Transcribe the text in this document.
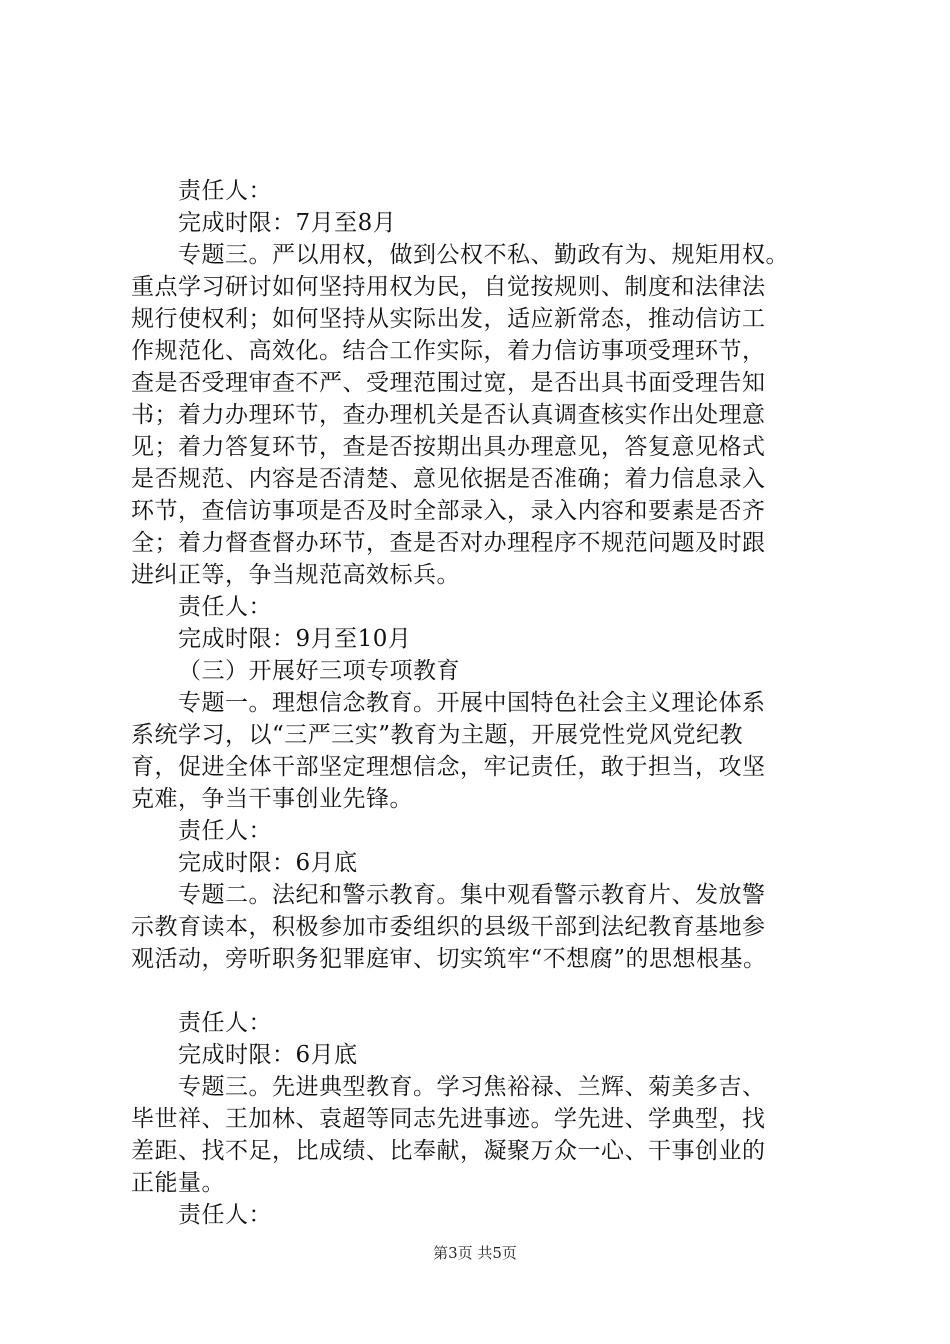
责任人：
完成时限：7月至8月
专题三。严以用权，做到公权不私、勤政有为、规矩用权。
重点学习研讨如何坚持用权为民，自觉按规则、制度和法律法
规行使权利；如何坚持从实际出发，适应新常态，推动信访工
作规范化、高效化。结合工作实际，着力信访事项受理环节，
查是否受理审查不严、受理范围过宽，是否出具书面受理告知
书；着力办理环节，查办理机关是否认真调查核实作出处理意
见；着力答复环节，查是否按期出具办理意见，答复意见格式
是否规范、内容是否清楚、意见依据是否准确；着力信息录入
环节，查信访事项是否及时全部录入，录入内容和要素是否齐
全；着力督查督办环节，查是否对办理程序不规范问题及时跟
进纠正等，争当规范高效标兵。
责任人：
完成时限：9月至10月
（三）开展好三项专项教育
专题一。理想信念教育。开展中国特色社会主义理论体系
系统学习，以“三严三实”教育为主题，开展党性党风党纪教
育，促进全体干部坚定理想信念，牢记责任，敢于担当，攻坚
克难，争当干事创业先锋。
责任人：
完成时限：6月底
专题二。法纪和警示教育。集中观看警示教育片、发放警
示教育读本，积极参加市委组织的县级干部到法纪教育基地参
观活动，旁听职务犯罪庭审、切实筑牢“不想腐”的思想根基。
责任人：
完成时限：6月底
专题三。先进典型教育。学习焦裕禄、兰辉、菊美多吉、
毕世祥、王加林、袁超等同志先进事迹。学先进、学典型，找
差距、找不足，比成绩、比奉献，凝聚万众一心、干事创业的
正能量。
责任人：
第3页 共5页
